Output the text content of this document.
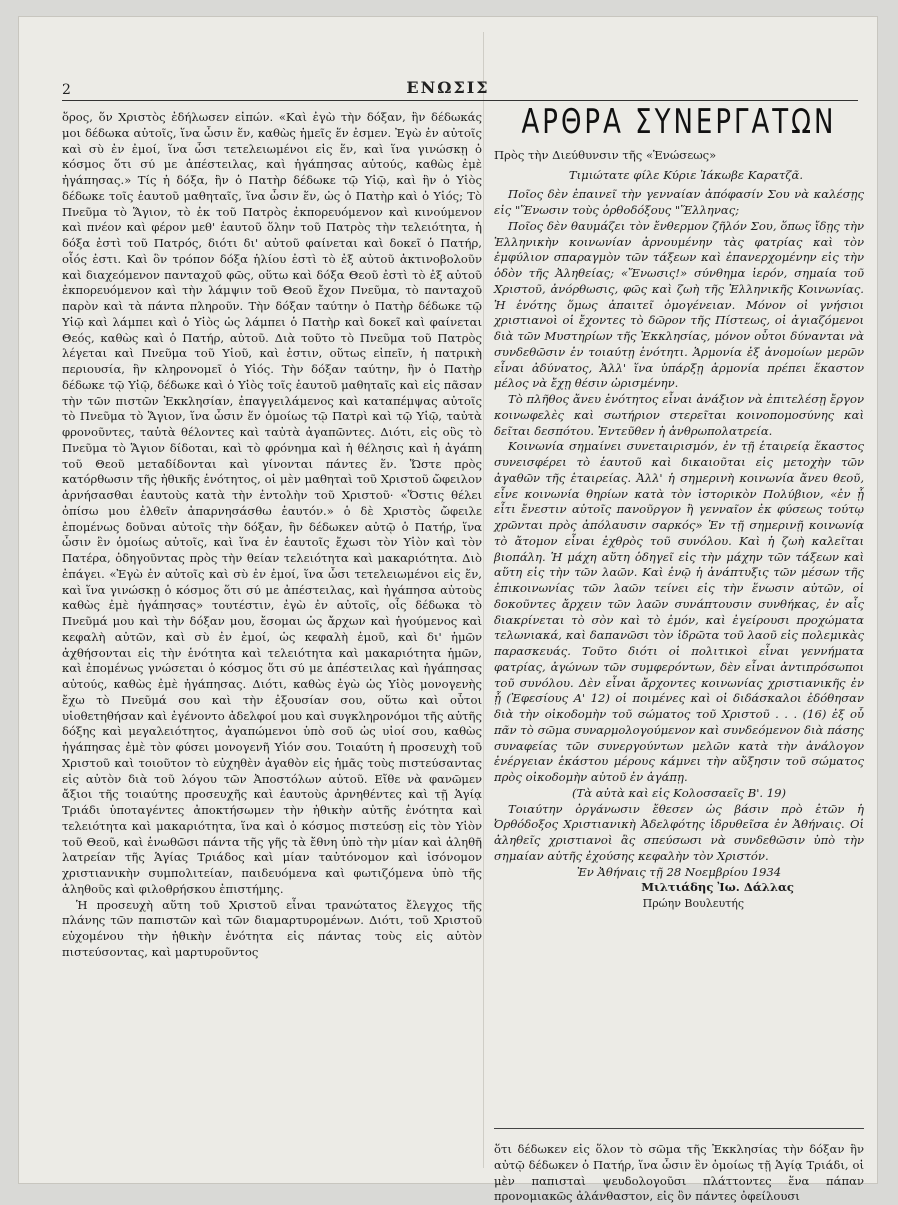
2	ΕΝΩΣΙΣ

ὅρος, ὅν Χριστὸς ἐδήλωσεν εἰπών. «Καὶ ἐγὼ τὴν δόξαν, ἣν δέδωκάς μοι δέδωκα αὐτοῖς, ἵνα ὦσιν ἕν, καθὼς ἡμεῖς ἕν ἐσμεν. Ἐγὼ ἐν αὐτοῖς καὶ σὺ ἐν ἐμοί, ἵνα ὦσι τετελειωμένοι εἰς ἕν, καὶ ἵνα γινώσκῃ ὁ κόσμος ὅτι σύ με ἀπέστειλας, καὶ ἠγάπησας αὐτούς, καθὼς ἐμὲ ἠγάπησας.» Τίς ἡ δόξα, ἣν ὁ Πατὴρ δέδωκε τῷ Υἱῷ, καὶ ἣν ὁ Υἱὸς δέδωκε τοῖς ἑαυτοῦ μαθηταῖς, ἵνα ὦσιν ἕν, ὡς ὁ Πατὴρ καὶ ὁ Υἱός; Τὸ Πνεῦμα τὸ Ἅγιον, τὸ ἐκ τοῦ Πατρὸς ἐκπορευόμενον καὶ κινούμενον καὶ πνέον καὶ φέρον μεθ' ἑαυτοῦ ὅλην τοῦ Πατρὸς τὴν τελειότητα, ἡ δόξα ἐστὶ τοῦ Πατρός, διότι δι' αὐτοῦ φαίνεται καὶ δοκεῖ ὁ Πατήρ, οἷός ἐστι. Καὶ ὃν τρόπον δόξα ἡλίου ἐστὶ τὸ ἐξ αὐτοῦ ἀκτινοβολοῦν καὶ διαχεόμενον πανταχοῦ φῶς, οὕτω καὶ δόξα Θεοῦ ἐστὶ τὸ ἐξ αὐτοῦ ἐκπορευόμενον καὶ τὴν λάμψιν τοῦ Θεοῦ ἔχον Πνεῦμα, τὸ πανταχοῦ παρὸν καὶ τὰ πάντα πληροῦν. Τὴν δόξαν ταύτην ὁ Πατὴρ δέδωκε τῷ Υἱῷ καὶ λάμπει καὶ ὁ Υἱὸς ὡς λάμπει ὁ Πατὴρ καὶ δοκεῖ καὶ φαίνεται Θεός, καθὼς καὶ ὁ Πατήρ, αὐτοῦ. Διὰ τοῦτο τὸ Πνεῦμα τοῦ Πατρὸς λέγεται καὶ Πνεῦμα τοῦ Υἱοῦ, καὶ ἐστιν, οὕτως εἰπεῖν, ἡ πατρικὴ περιουσία, ἣν κληρονομεῖ ὁ Υἱός. Τὴν δόξαν ταύτην, ἣν ὁ Πατὴρ δέδωκε τῷ Υἱῷ, δέδωκε καὶ ὁ Υἱὸς τοῖς ἑαυτοῦ μαθηταῖς καὶ εἰς πᾶσαν τὴν τῶν πιστῶν Ἐκκλησίαν, ἐπαγγειλάμενος καὶ καταπέμψας αὐτοῖς τὸ Πνεῦμα τὸ Ἅγιον, ἵνα ὦσιν ἕν ὁμοίως τῷ Πατρὶ καὶ τῷ Υἱῷ, ταὐτὰ φρονοῦντες, ταὐτὰ θέλοντες καὶ ταὐτὰ ἀγαπῶντες. Διότι, εἰς οὓς τὸ Πνεῦμα τὸ Ἅγιον δίδοται, καὶ τὸ φρόνημα καὶ ἡ θέλησις καὶ ἡ ἀγάπη τοῦ Θεοῦ μεταδίδονται καὶ γίνονται πάντες ἕν. Ὥστε πρὸς κατόρθωσιν τῆς ἠθικῆς ἑνότητος, οἱ μὲν μαθηταὶ τοῦ Χριστοῦ ὤφειλον ἀρνήσασθαι ἑαυτοὺς κατὰ τὴν ἐντολὴν τοῦ Χριστοῦ· «Ὅστις θέλει ὀπίσω μου ἐλθεῖν ἀπαρνησάσθω ἑαυτόν.» ὁ δὲ Χριστὸς ὤφειλε ἐπομένως δοῦναι αὐτοῖς τὴν δόξαν, ἣν δέδωκεν αὐτῷ ὁ Πατήρ, ἵνα ὦσιν ἓν ὁμοίως αὐτοῖς, καὶ ἵνα ἐν ἑαυτοῖς ἔχωσι τὸν Υἱὸν καὶ τὸν Πατέρα, ὁδηγοῦντας πρὸς τὴν θείαν τελειότητα καὶ μακαριότητα. Διὸ ἐπάγει. «Ἐγὼ ἐν αὐτοῖς καὶ σὺ ἐν ἐμοί, ἵνα ὦσι τετελειωμένοι εἰς ἕν, καὶ ἵνα γινώσκῃ ὁ κόσμος ὅτι σύ με ἀπέστειλας, καὶ ἠγάπησα αὐτοὺς καθὼς ἐμὲ ἠγάπησας» τουτέστιν, ἐγὼ ἐν αὐτοῖς, οἷς δέδωκα τὸ Πνεῦμά μου καὶ τὴν δόξαν μου, ἔσομαι ὡς ἄρχων καὶ ἡγούμενος καὶ κεφαλὴ αὐτῶν, καὶ σὺ ἐν ἐμοί, ὡς κεφαλὴ ἐμοῦ, καὶ δι' ἡμῶν ἀχθήσονται εἰς τὴν ἑνότητα καὶ τελειότητα καὶ μακαριότητα ἡμῶν, καὶ ἐπομένως γνώσεται ὁ κόσμος ὅτι σύ με ἀπέστειλας καὶ ἠγάπησας αὐτούς, καθὼς ἐμὲ ἠγάπησας. Διότι, καθὼς ἐγὼ ὡς Υἱὸς μονογενὴς ἔχω τὸ Πνεῦμά σου καὶ τὴν ἐξουσίαν σου, οὕτω καὶ οὗτοι υἱοθετηθήσαν καὶ ἐγένοντο ἀδελφοί μου καὶ συγκληρονόμοι τῆς αὐτῆς δόξης καὶ μεγαλειότητος, ἀγαπώμενοι ὑπὸ σοῦ ὡς υἱοί σου, καθὼς ἠγάπησας ἐμὲ τὸν φύσει μονογενῆ Υἱόν σου. Τοιαύτη ἡ προσευχὴ τοῦ Χριστοῦ καὶ τοιοῦτον τὸ εὐχηθὲν ἀγαθὸν εἰς ἡμᾶς τοὺς πιστεύσαντας εἰς αὐτὸν διὰ τοῦ λόγου τῶν Ἀποστόλων αὐτοῦ. Εἴθε νὰ φανῶμεν ἄξιοι τῆς τοιαύτης προσευχῆς καὶ ἑαυτοὺς ἀρνηθέντες καὶ τῇ Ἁγίᾳ Τριάδι ὑποταγέντες ἀποκτήσωμεν τὴν ἠθικὴν αὐτῆς ἑνότητα καὶ τελειότητα καὶ μακαριότητα, ἵνα καὶ ὁ κόσμος πιστεύσῃ εἰς τὸν Υἱὸν τοῦ Θεοῦ, καὶ ἑνωθῶσι πάντα τῆς γῆς τὰ ἔθνη ὑπὸ τὴν μίαν καὶ ἀληθῆ λατρείαν τῆς Ἁγίας Τριάδος καὶ μίαν ταὐτόνομον καὶ ἰσόνομον χριστιανικὴν συμπολιτείαν, παιδευόμενα καὶ φωτιζόμενα ὑπὸ τῆς ἀληθοῦς καὶ φιλοθρήσκου ἐπιστήμης.

Ἡ προσευχὴ αὕτη τοῦ Χριστοῦ εἶναι τρανώτατος ἔλεγχος τῆς πλάνης τῶν παπιστῶν καὶ τῶν διαμαρτυρομένων. Διότι, τοῦ Χριστοῦ εὐχομένου τὴν ἠθικὴν ἑνότητα εἰς πάντας τοὺς εἰς αὐτὸν πιστεύσοντας, καὶ μαρτυροῦντος

ΑΡΘΡΑ ΣΥΝΕΡΓΑΤΩΝ

Πρὸς τὴν Διεύθυνσιν τῆς «Ἑνώσεως»

Τιμιώτατε φίλε Κύριε Ἰάκωβε Καρατζᾶ.

Ποῖος δὲν ἐπαινεῖ τὴν γενναίαν ἀπόφασίν Σου νὰ καλέσῃς εἰς "Ἕνωσιν τοὺς ὀρθοδόξους "Ἕλληνας;

Ποῖος δὲν θαυμάζει τὸν ἔνθερμον ζῆλόν Σου, ὅπως ἴδῃς τὴν Ἑλληνικὴν κοινωνίαν ἀρνουμένην τὰς φατρίας καὶ τὸν ἐμφύλιον σπαραγμὸν τῶν τάξεων καὶ ἐπανερχομένην εἰς τὴν ὁδὸν τῆς Ἀληθείας; «Ἕνωσις!» σύνθημα ἱερόν, σημαία τοῦ Χριστοῦ, ἀνόρθωσις, φῶς καὶ ζωὴ τῆς Ἑλληνικῆς Κοινωνίας. Ἡ ἑνότης ὅμως ἀπαιτεῖ ὁμογένειαν. Μόνον οἱ γνήσιοι χριστιανοὶ οἱ ἔχοντες τὸ δῶρον τῆς Πίστεως, οἱ ἁγιαζόμενοι διὰ τῶν Μυστηρίων τῆς Ἐκκλησίας, μόνον οὗτοι δύνανται νὰ συνδεθῶσιν ἐν τοιαύτῃ ἑνότητι. Ἁρμονία ἐξ ἀνομοίων μερῶν εἶναι ἀδύνατος, Ἀλλ' ἵνα ὑπάρξῃ ἁρμονία πρέπει ἕκαστον μέλος νὰ ἔχῃ θέσιν ὡρισμένην.

Τὸ πλῆθος ἄνευ ἑνότητος εἶναι ἀνάξιον νὰ ἐπιτελέσῃ ἔργον κοινωφελὲς καὶ σωτήριον στερεῖται κοινοπομοσύνης καὶ δεῖται δεσπότου. Ἐντεῦθεν ἡ ἀνθρωπολατρεία.

Κοινωνία σημαίνει συνεταιρισμόν, ἐν τῇ ἑταιρείᾳ ἕκαστος συνεισφέρει τὸ ἑαυτοῦ καὶ δικαιοῦται εἰς μετοχὴν τῶν ἀγαθῶν τῆς ἑταιρείας. Ἀλλ' ἡ σημερινὴ κοινωνία ἄνευ θεοῦ, εἶνε κοινωνία θηρίων κατὰ τὸν ἱστορικὸν Πολύβιον, «ἐν ᾗ εἶτι ἔνεστιν αὐτοῖς πανοῦργον ἢ γενναῖον ἐκ φύσεως τούτῳ χρῶνται πρὸς ἀπόλαυσιν σαρκός» Ἐν τῇ σημερινῇ κοινωνίᾳ τὸ ἄτομον εἶναι ἐχθρὸς τοῦ συνόλου. Καὶ ἡ ζωὴ καλεῖται βιοπάλη. Ἡ μάχη αὕτη ὁδηγεῖ εἰς τὴν μάχην τῶν τάξεων καὶ αὕτη εἰς τὴν τῶν λαῶν. Καὶ ἐνῷ ἡ ἀνάπτυξις τῶν μέσων τῆς ἐπικοινωνίας τῶν λαῶν τείνει εἰς τὴν ἕνωσιν αὐτῶν, οἱ δοκοῦντες ἄρχειν τῶν λαῶν συνάπτουσιν συνθήκας, ἐν αἷς διακρίνεται τὸ σὸν καὶ τὸ ἐμόν, καὶ ἐγείρουσι προχώματα τελωνιακά, καὶ δαπανῶσι τὸν ἱδρῶτα τοῦ λαοῦ εἰς πολεμικὰς παρασκευάς. Τοῦτο διότι οἱ πολιτικοὶ εἶναι γεννήματα φατρίας, ἀγώνων τῶν συμφερόντων, δὲν εἶναι ἀντιπρόσωποι τοῦ συνόλου. Δὲν εἶναι ἄρχοντες κοινωνίας χριστιανικῆς ἐν ᾗ (Ἐφεσίους Α' 12) οἱ ποιμένες καὶ οἱ διδάσκαλοι ἐδόθησαν διὰ τὴν οἰκοδομὴν τοῦ σώματος τοῦ Χριστοῦ . . . (16) ἐξ οὗ πᾶν τὸ σῶμα συναρμολογούμενον καὶ συνδεόμενον διὰ πάσης συναφείας τῶν συνεργούντων μελῶν κατὰ τὴν ἀνάλογον ἐνέργειαν ἑκάστου μέρους κάμνει τὴν αὔξησιν τοῦ σώματος πρὸς οἰκοδομὴν αὐτοῦ ἐν ἀγάπῃ.

(Τὰ αὐτὰ καὶ εἰς Κολοσσαεῖς Β'. 19)

Τοιαύτην ὀργάνωσιν ἔθεσεν ὡς βάσιν πρὸ ἐτῶν ἡ Ὀρθόδοξος Χριστιανικὴ Ἀδελφότης ἱδρυθεῖσα ἐν Ἀθήναις. Οἱ ἀληθεῖς χριστιανοὶ ἂς σπεύσωσι νὰ συνδεθῶσιν ὑπὸ τὴν σημαίαν αὐτῆς ἐχούσης κεφαλὴν τὸν Χριστόν.

Ἐν Ἀθήναις τῇ 28 Νοεμβρίου 1934

Μιλτιάδης Ἰω. Δάλλας

Πρώην Βουλευτής

ὅτι δέδωκεν εἰς ὅλον τὸ σῶμα τῆς Ἐκκλησίας τὴν δόξαν ἣν αὐτῷ δέδωκεν ὁ Πατήρ, ἵνα ὦσιν ἓν ὁμοίως τῇ Ἁγίᾳ Τριάδι, οἱ μὲν παπισταὶ ψευδολογοῦσι πλάττοντες ἕνα πάπαν προνομιακῶς ἀλάνθαστον, εἰς ὃν πάντες ὀφείλουσι
